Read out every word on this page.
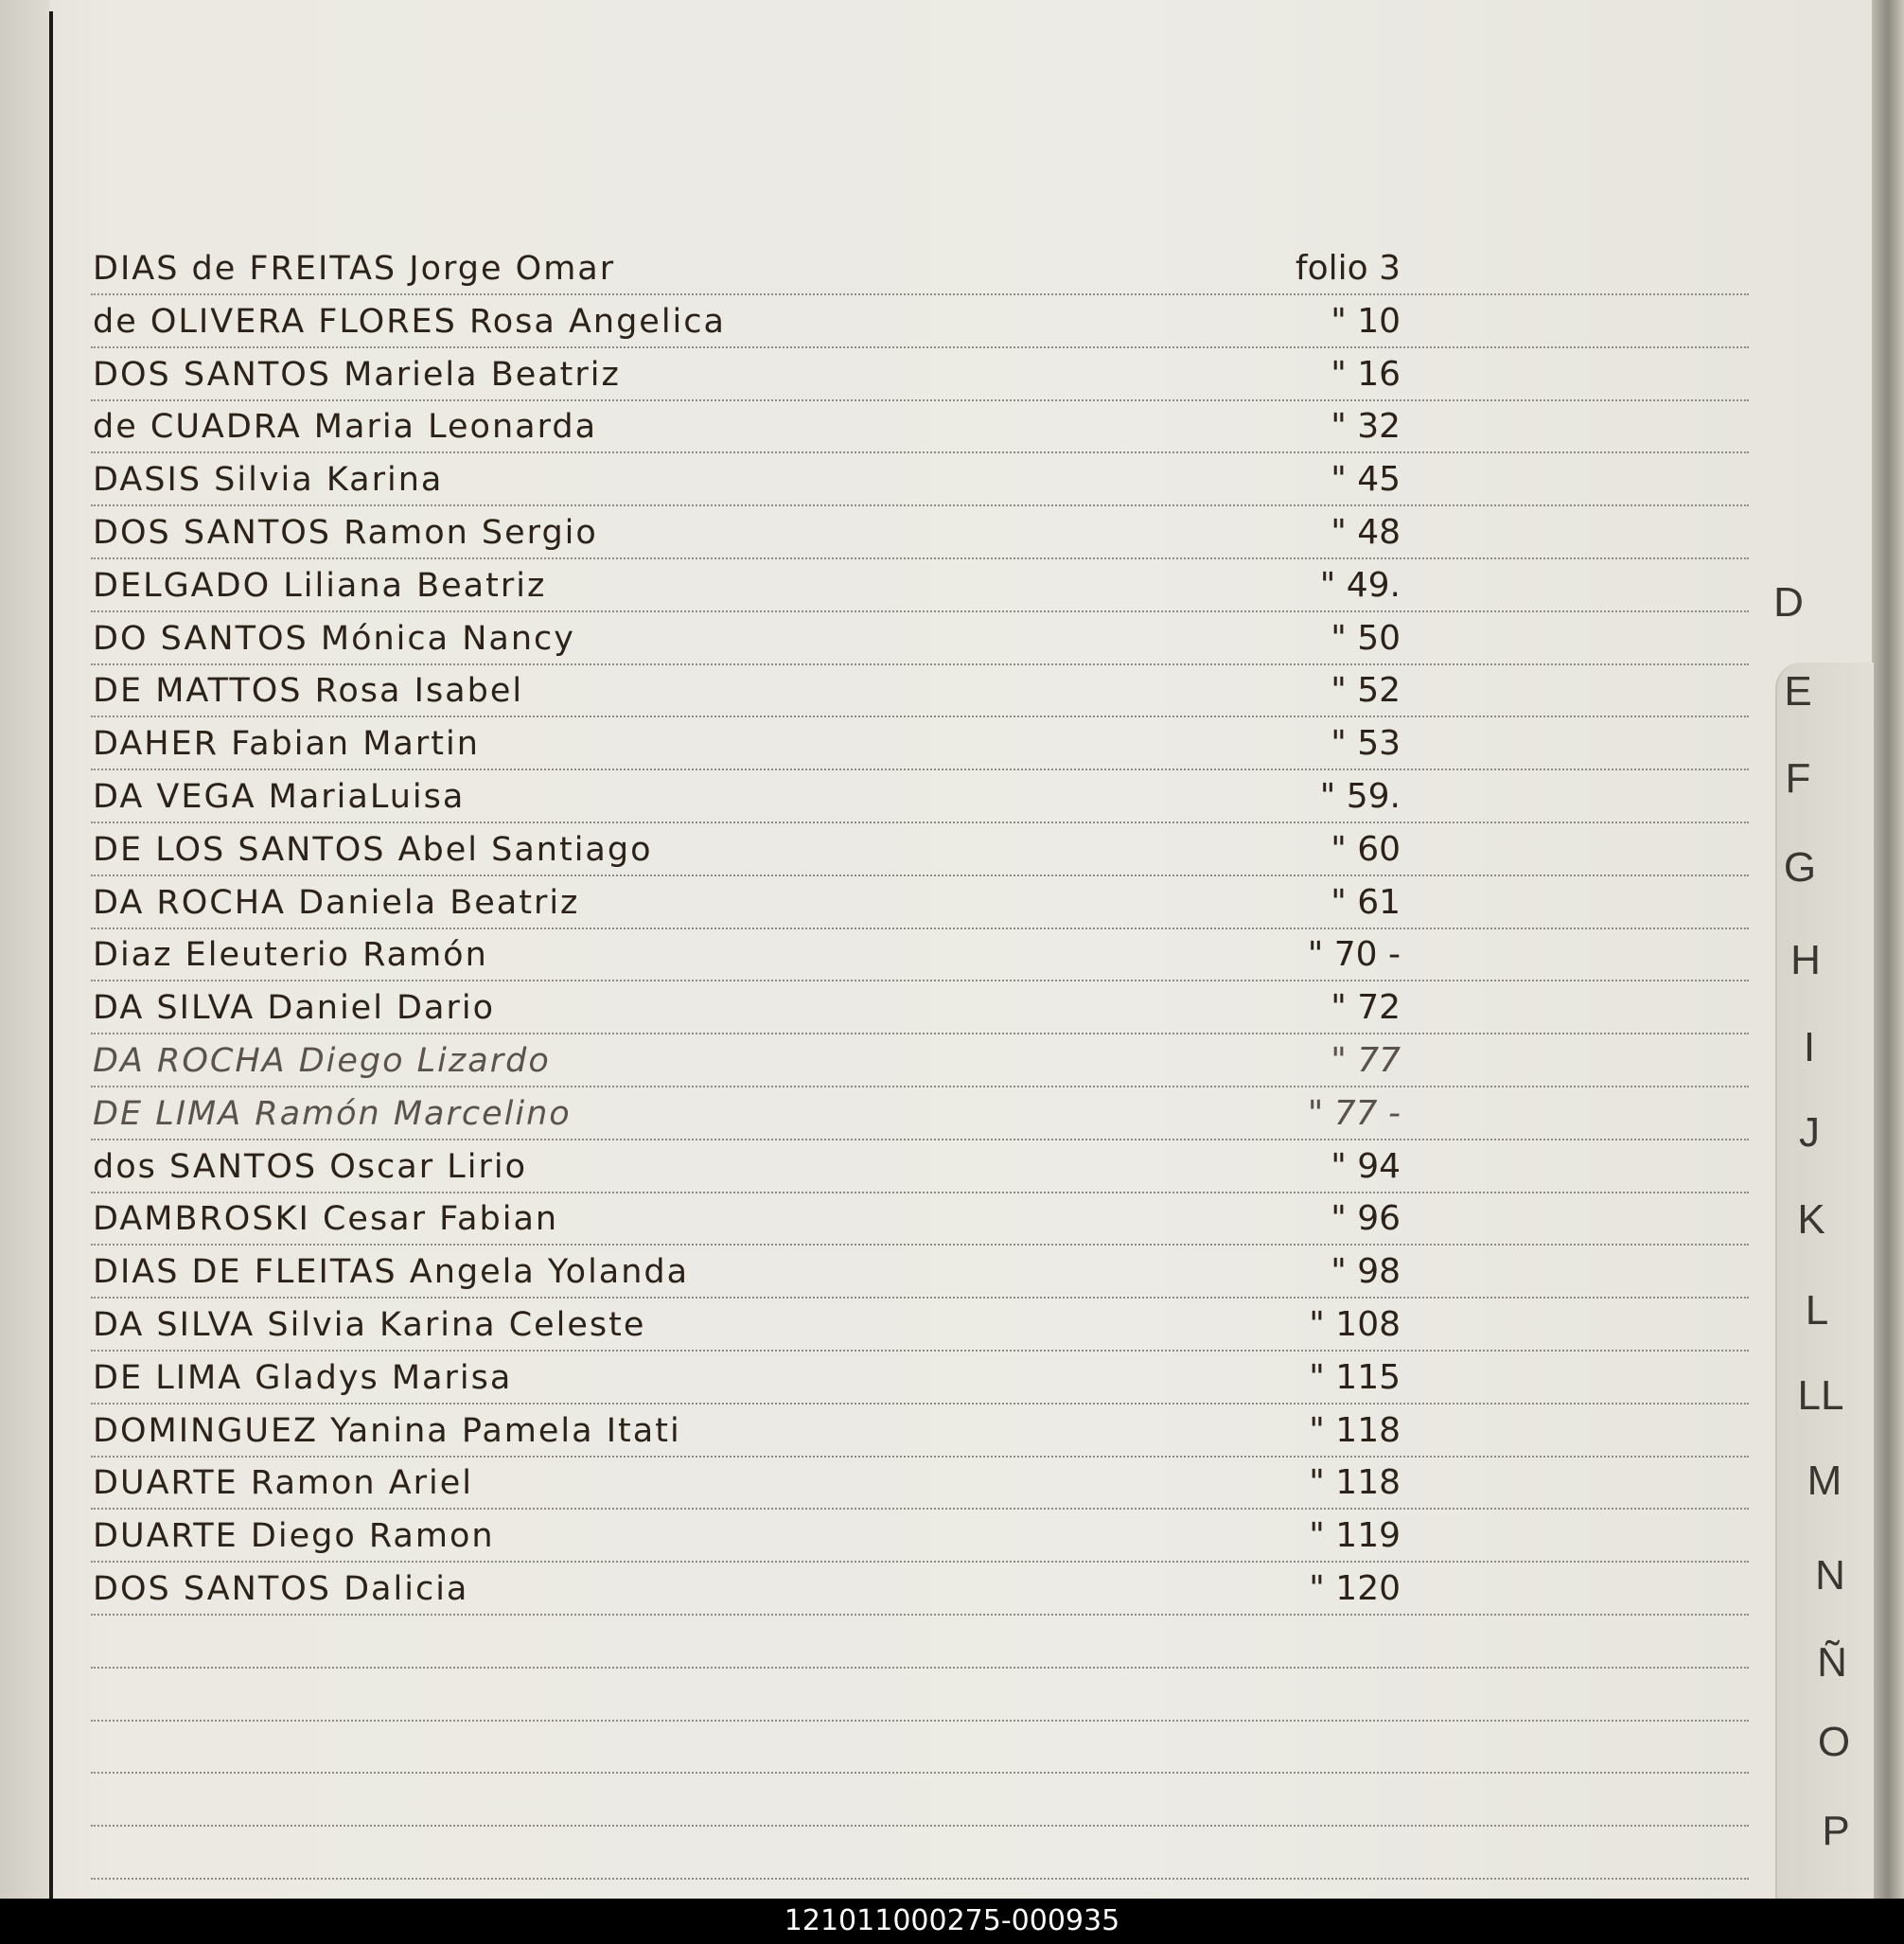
DIAS de FREITAS Jorge Omar	folio 3
de OLIVERA FLORES Rosa Angelica	" 10
DOS SANTOS Mariela Beatriz	" 16
de CUADRA Maria Leonarda	" 32
DASIS Silvia Karina	" 45
DOS SANTOS Ramon Sergio	" 48
DELGADO Liliana Beatriz	" 49.
DO SANTOS Mónica Nancy	" 50
DE MATTOS Rosa Isabel	" 52
DAHER Fabian Martin	" 53
DA VEGA MariaLuisa	" 59.
DE LOS SANTOS Abel Santiago	" 60
DA ROCHA Daniela Beatriz	" 61
Diaz Eleuterio Ramón	" 70 -
DA SILVA Daniel Dario	" 72
DA ROCHA Diego Lizardo	" 77
DE LIMA Ramón Marcelino	" 77 -
dos SANTOS Oscar Lirio	" 94
DAMBROSKI Cesar Fabian	" 96
DIAS DE FLEITAS Angela Yolanda	" 98
DA SILVA Silvia Karina Celeste	" 108
DE LIMA Gladys Marisa	" 115
DOMINGUEZ Yanina Pamela Itati	" 118
DUARTE Ramon Ariel	" 118
DUARTE Diego Ramon	" 119
DOS SANTOS Dalicia	" 120
D
E
F
G
H
I
J
K
L
LL
M
N
Ñ
O
P
121011000275-000935
